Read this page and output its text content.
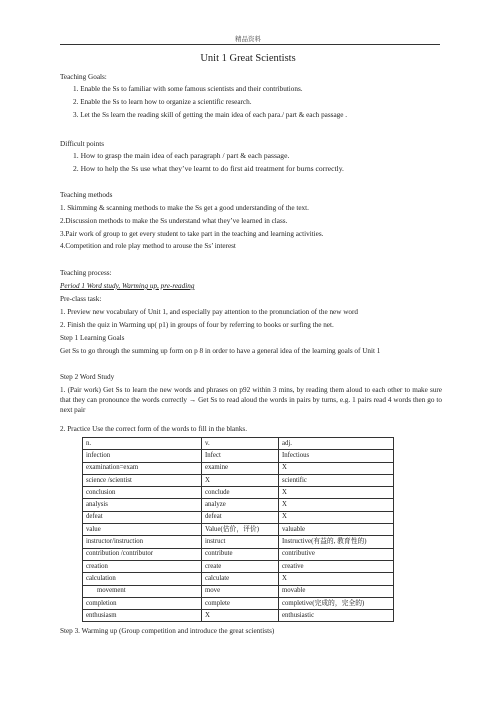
精品资料
Unit 1 Great Scientists
Teaching Goals:
1. Enable the Ss to familiar with some famous scientists and their contributions.
2. Enable the Ss to learn how to organize a scientific research.
3. Let the Ss learn the reading skill of getting the main idea of each para./ part & each passage .
Difficult points
1. How to grasp the main idea of each paragraph / part & each passage.
2. How to help the Ss use what they’ve learnt to do first aid treatment for burns correctly.
Teaching methods
1. Skimming & scanning methods to make the Ss get a good understanding of the text.
2.Discussion methods to make the Ss understand what they’ve learned in class.
3.Pair work of group to get every student to take part in the teaching and learning activities.
4.Competition and role play method to arouse the Ss’ interest
Teaching process:
Period 1 Word study, Warming up, pre-reading
Pre-class task:
1. Preview new vocabulary of Unit 1, and especially pay attention to the pronunciation of the new word
2. Finish the quiz in Warming up( p1) in groups of four by referring to books or surfing the net.
Step 1 Learning Goals
Get Ss to go through the summing up form on p 8 in order to have a general idea of the learning goals of Unit 1
Step 2 Word Study
1. (Pair work) Get Ss to learn the new words and phrases on p92 within 3 mins, by reading them aloud to each other to make sure that they can pronounce the words correctly → Get Ss to read aloud the words in pairs by turns, e.g. 1 pairs read 4 words then go to next pair
2. Practice Use the correct form of the words to fill in the blanks.
n.	v.	adj.
infection	Infect	Infectious
examination=exam	examine	X
science /scientist	X	scientific
conclusion	conclude	X
analysis	analyze	X
defeat	defeat	X
value	Value(估价，评价)	valuable
instructor/instruction	instruct	Instructive(有益的, 教育性的)
contribution /contributor	contribute	contributive
creation	create	creative
calculation	calculate	X
movement	move	movable
completion	complete	completive(完成的，完全的)
enthusiasm	X	enthusiastic
Step 3. Warming up (Group competition and introduce the great scientists)
